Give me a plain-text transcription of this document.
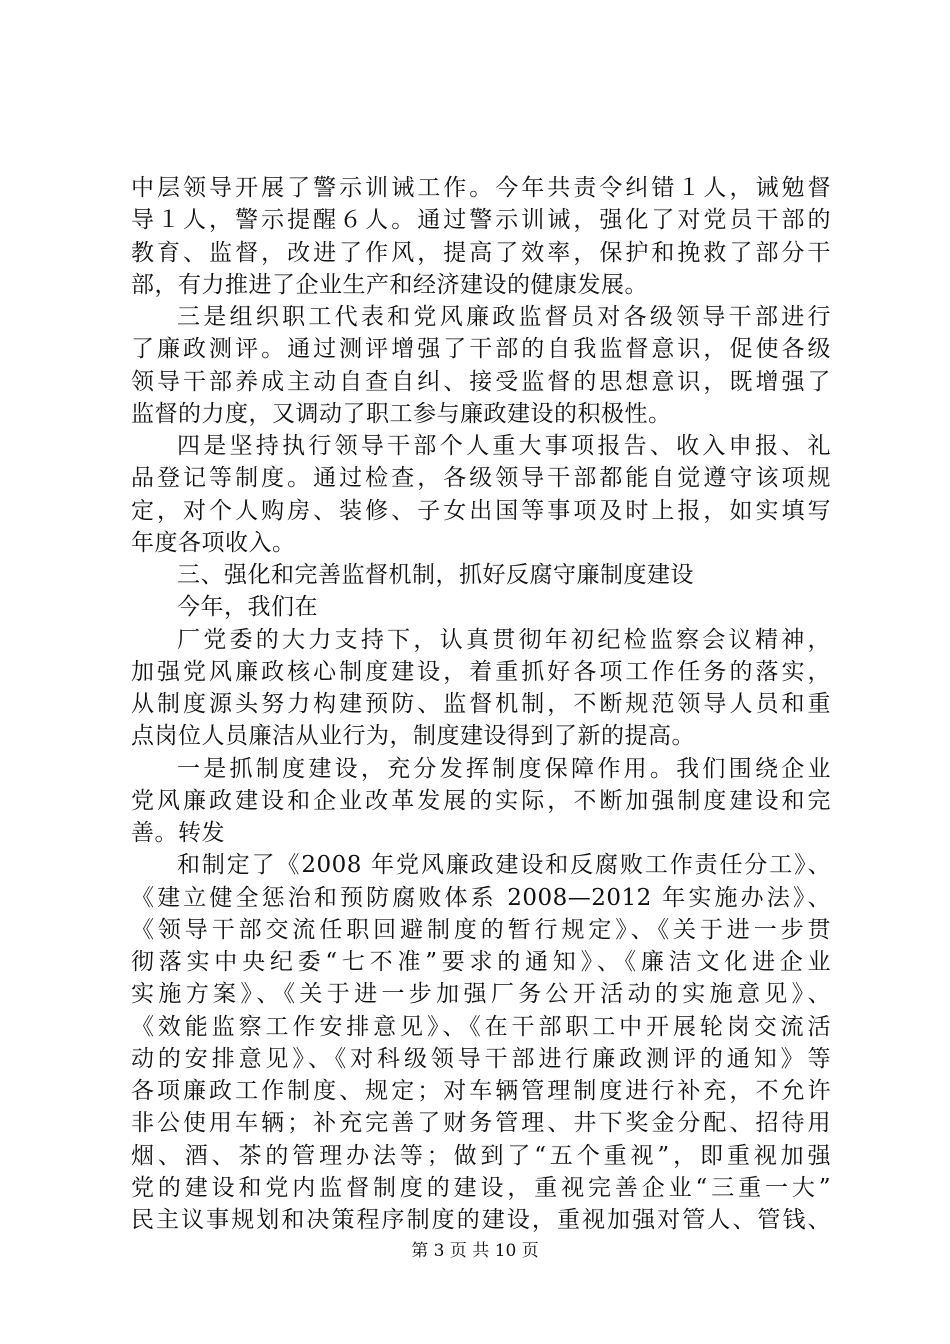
中层领导开展了警示训诫工作。今年共责令纠错１人，诫勉督
导１人，警示提醒６人。通过警示训诫，强化了对党员干部的
教育、监督，改进了作风，提高了效率，保护和挽救了部分干
部，有力推进了企业生产和经济建设的健康发展。
三是组织职工代表和党风廉政监督员对各级领导干部进行
了廉政测评。通过测评增强了干部的自我监督意识，促使各级
领导干部养成主动自查自纠、接受监督的思想意识，既增强了
监督的力度，又调动了职工参与廉政建设的积极性。
四是坚持执行领导干部个人重大事项报告、收入申报、礼
品登记等制度。通过检查，各级领导干部都能自觉遵守该项规
定，对个人购房、装修、子女出国等事项及时上报，如实填写
年度各项收入。
三、强化和完善监督机制，抓好反腐守廉制度建设
今年，我们在
厂党委的大力支持下，认真贯彻年初纪检监察会议精神，
加强党风廉政核心制度建设，着重抓好各项工作任务的落实，
从制度源头努力构建预防、监督机制，不断规范领导人员和重
点岗位人员廉洁从业行为，制度建设得到了新的提高。
一是抓制度建设，充分发挥制度保障作用。我们围绕企业
党风廉政建设和企业改革发展的实际，不断加强制度建设和完
善。转发
和制定了《2008 年党风廉政建设和反腐败工作责任分工》、
《建立健全惩治和预防腐败体系 2008—2012 年实施办法》、
《领导干部交流任职回避制度的暂行规定》、《关于进一步贯
彻落实中央纪委“七不准”要求的通知》、《廉洁文化进企业
实施方案》、《关于进一步加强厂务公开活动的实施意见》、
《效能监察工作安排意见》、《在干部职工中开展轮岗交流活
动的安排意见》、《对科级领导干部进行廉政测评的通知》等
各项廉政工作制度、规定；对车辆管理制度进行补充，不允许
非公使用车辆；补充完善了财务管理、井下奖金分配、招待用
烟、酒、茶的管理办法等；做到了“五个重视”，即重视加强
党的建设和党内监督制度的建设，重视完善企业“三重一大”
民主议事规划和决策程序制度的建设，重视加强对管人、管钱、
第 3 页 共 10 页
